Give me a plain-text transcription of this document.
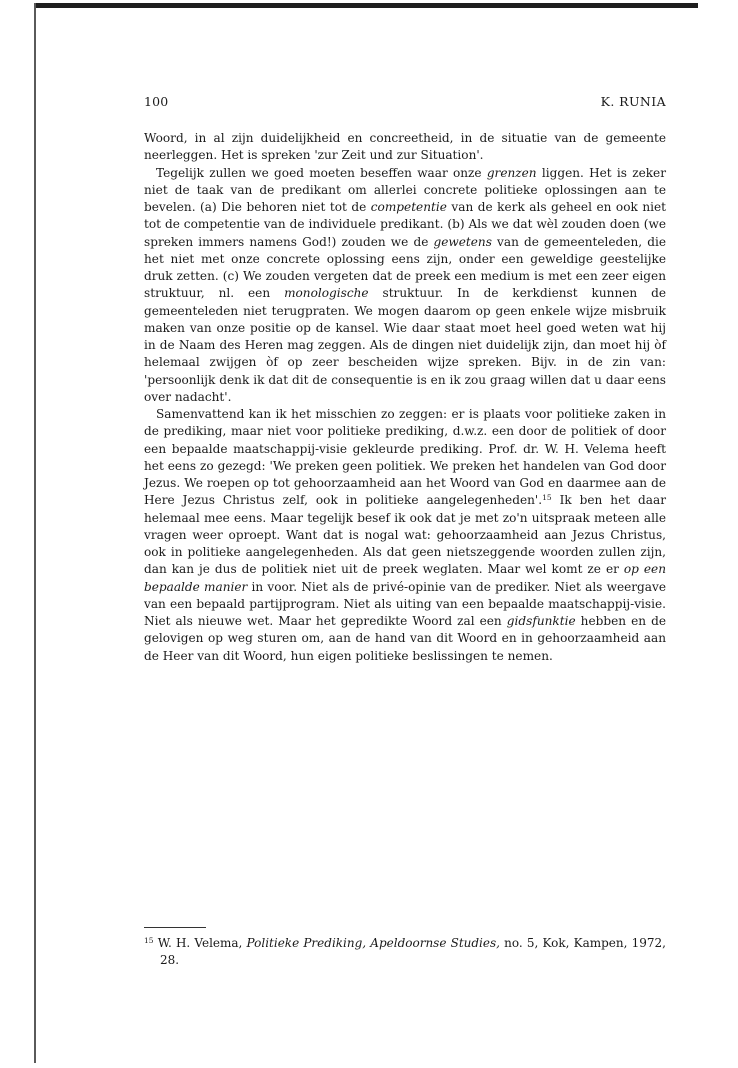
100	K. RUNIA

Woord, in al zijn duidelijkheid en concreetheid, in de situatie van de gemeente neerleggen. Het is spreken 'zur Zeit und zur Situation'.

Tegelijk zullen we goed moeten beseffen waar onze grenzen liggen. Het is zeker niet de taak van de predikant om allerlei concrete politieke oplossingen aan te bevelen. (a) Die behoren niet tot de competentie van de kerk als geheel en ook niet tot de competentie van de individuele predikant. (b) Als we dat wèl zouden doen (we spreken immers namens God!) zouden we de gewetens van de gemeenteleden, die het niet met onze concrete oplossing eens zijn, onder een geweldige geestelijke druk zetten. (c) We zouden vergeten dat de preek een medium is met een zeer eigen struktuur, nl. een monologische struktuur. In de kerkdienst kunnen de gemeenteleden niet terugpraten. We mogen daarom op geen enkele wijze misbruik maken van onze positie op de kansel. Wie daar staat moet heel goed weten wat hij in de Naam des Heren mag zeggen. Als de dingen niet duidelijk zijn, dan moet hij òf helemaal zwijgen òf op zeer bescheiden wijze spreken. Bijv. in de zin van: 'persoonlijk denk ik dat dit de consequentie is en ik zou graag willen dat u daar eens over nadacht'.

Samenvattend kan ik het misschien zo zeggen: er is plaats voor politieke zaken in de prediking, maar niet voor politieke prediking, d.w.z. een door de politiek of door een bepaalde maatschappij-visie gekleurde prediking. Prof. dr. W. H. Velema heeft het eens zo gezegd: 'We preken geen politiek. We preken het handelen van God door Jezus. We roepen op tot gehoorzaamheid aan het Woord van God en daarmee aan de Here Jezus Christus zelf, ook in politieke aangelegenheden'.$^{15}$ Ik ben het daar helemaal mee eens. Maar tegelijk besef ik ook dat je met zo'n uitspraak meteen alle vragen weer oproept. Want dat is nogal wat: gehoorzaamheid aan Jezus Christus, ook in politieke aangelegenheden. Als dat geen nietszeggende woorden zullen zijn, dan kan je dus de politiek niet uit de preek weglaten. Maar wel komt ze er op een bepaalde manier in voor. Niet als de privé-opinie van de prediker. Niet als weergave van een bepaald partijprogram. Niet als uiting van een bepaalde maatschappij-visie. Niet als nieuwe wet. Maar het gepredikte Woord zal een gidsfunktie hebben en de gelovigen op weg sturen om, aan de hand van dit Woord en in gehoorzaamheid aan de Heer van dit Woord, hun eigen politieke beslissingen te nemen.

$^{15}$ W. H. Velema, Politieke Prediking, Apeldoornse Studies, no. 5, Kok, Kampen, 1972, 28.
